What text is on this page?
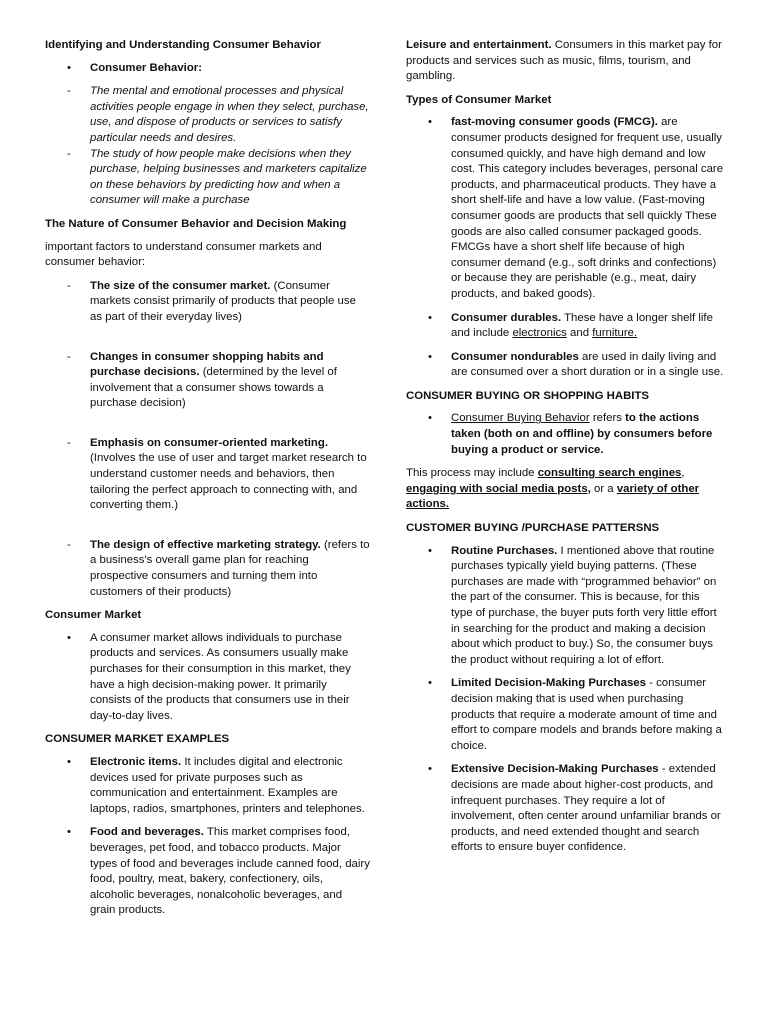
Identifying and Understanding Consumer Behavior

•	Consumer Behavior:
-	The mental and emotional processes and physical activities people engage in when they select, purchase, use, and dispose of products or services to satisfy particular needs and desires.
-	The study of how people make decisions when they purchase, helping businesses and marketers capitalize on these behaviors by predicting how and when a consumer will make a purchase

The Nature of Consumer Behavior and Decision Making

important factors to understand consumer markets and consumer behavior:

-	The size of the consumer market. (Consumer markets consist primarily of products that people use as part of their everyday lives)
-	Changes in consumer shopping habits and purchase decisions. (determined by the level of involvement that a consumer shows towards a purchase decision)
-	Emphasis on consumer-oriented marketing. (Involves the use of user and target market research to understand customer needs and behaviors, then tailoring the perfect approach to connecting with, and converting them.)
-	The design of effective marketing strategy. (refers to a business's overall game plan for reaching prospective consumers and turning them into customers of their products)

Consumer Market

•	A consumer market allows individuals to purchase products and services. As consumers usually make purchases for their consumption in this market, they have a high decision-making power. It primarily consists of the products that consumers use in their day-to-day lives.

CONSUMER MARKET EXAMPLES

•	Electronic items. It includes digital and electronic devices used for private purposes such as communication and entertainment. Examples are laptops, radios, smartphones, printers and telephones.
•	Food and beverages. This market comprises food, beverages, pet food, and tobacco products. Major types of food and beverages include canned food, dairy food, poultry, meat, bakery, confectionery, oils, alcoholic beverages, nonalcoholic beverages, and grain products.

Leisure and entertainment. Consumers in this market pay for products and services such as music, films, tourism, and gambling.

Types of Consumer Market

•	fast-moving consumer goods (FMCG). are consumer products designed for frequent use, usually consumed quickly, and have high demand and low cost. This category includes beverages, personal care products, and pharmaceutical products. They have a short shelf-life and have a low value. (Fast-moving consumer goods are products that sell quickly These goods are also called consumer packaged goods. FMCGs have a short shelf life because of high consumer demand (e.g., soft drinks and confections) or because they are perishable (e.g., meat, dairy products, and baked goods).
•	Consumer durables. These have a longer shelf life and include electronics and furniture.
•	Consumer nondurables are used in daily living and are consumed over a short duration or in a single use.

CONSUMER BUYING OR SHOPPING HABITS

•	Consumer Buying Behavior refers to the actions taken (both on and offline) by consumers before buying a product or service.

This process may include consulting search engines, engaging with social media posts, or a variety of other actions.

CUSTOMER BUYING /PURCHASE PATTERSNS

•	Routine Purchases. I mentioned above that routine purchases typically yield buying patterns. (These purchases are made with “programmed behavior” on the part of the consumer. This is because, for this type of purchase, the buyer puts forth very little effort in searching for the product and making a decision about which product to buy.) So, the consumer buys the product without requiring a lot of effort.
•	Limited Decision-Making Purchases - consumer decision making that is used when purchasing products that require a moderate amount of time and effort to compare models and brands before making a choice.
•	Extensive Decision-Making Purchases - extended decisions are made about higher-cost products, and infrequent purchases. They require a lot of involvement, often center around unfamiliar brands or products, and need extended thought and search efforts to ensure buyer confidence.
